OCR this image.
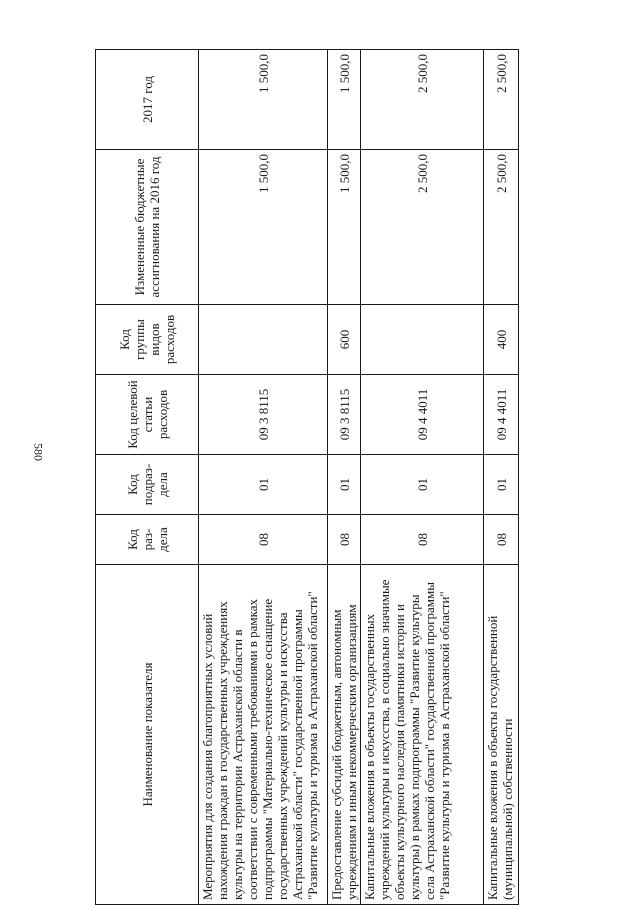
580
Наименование показателя	Код раз- дела	Код подраз- дела	Код целевой статьи расходов	Код группы видов расходов	Измененные бюджетные ассигнования на 2016 год	2017 год
Мероприятия для создания благоприятных условий нахождения граждан в государственных учреждениях культуры на территории Астраханской области в соответствии с современными требованиями в рамках подпрограммы "Материально-техническое оснащение государственных учреждений культуры и искусства Астраханской области" государственной программы "Развитие культуры и туризма в Астраханской области"	08	01	09 3 8115		1 500,0	1 500,0
Предоставление субсидий бюджетным, автономным учреждениям и иным некоммерческим организациям	08	01	09 3 8115	600	1 500,0	1 500,0
Капитальные вложения в объекты государственных учреждений культуры и искусства, в социально значимые объекты культурного наследия (памятники истории и культуры) в рамках подпрограммы "Развитие культуры села Астраханской области" государственной программы "Развитие культуры и туризма в Астраханской области"	08	01	09 4 4011		2 500,0	2 500,0
Капитальные вложения в объекты государственной (муниципальной) собственности	08	01	09 4 4011	400	2 500,0	2 500,0
